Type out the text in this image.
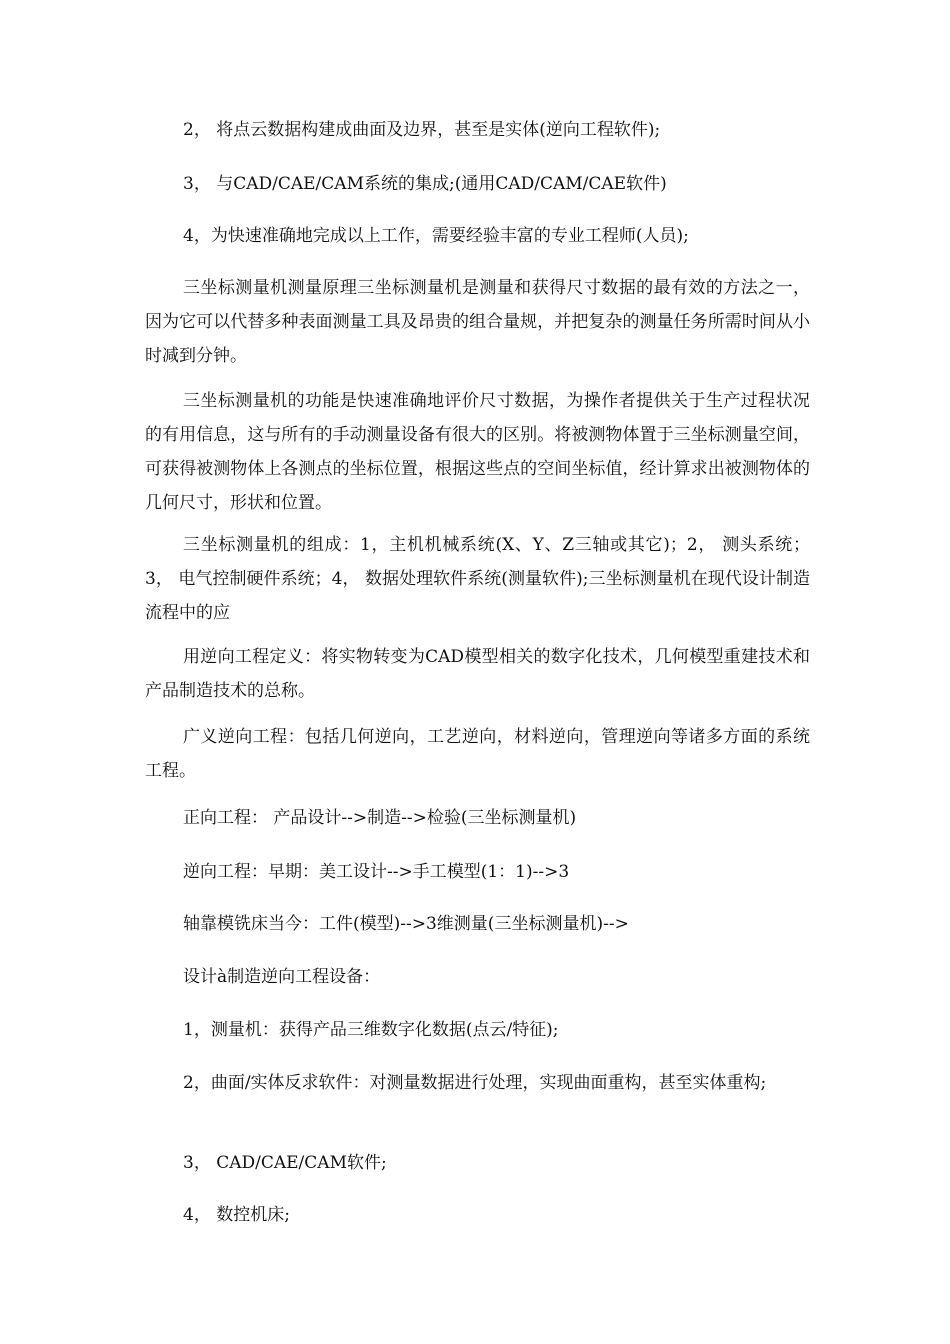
2， 将点云数据构建成曲面及边界，甚至是实体(逆向工程软件);

3， 与CAD/CAE/CAM系统的集成;(通用CAD/CAM/CAE软件)

4，为快速准确地完成以上工作，需要经验丰富的专业工程师(人员);

三坐标测量机测量原理三坐标测量机是测量和获得尺寸数据的最有效的方法之一，因为它可以代替多种表面测量工具及昂贵的组合量规，并把复杂的测量任务所需时间从小时减到分钟。

三坐标测量机的功能是快速准确地评价尺寸数据，为操作者提供关于生产过程状况的有用信息，这与所有的手动测量设备有很大的区别。将被测物体置于三坐标测量空间，可获得被测物体上各测点的坐标位置，根据这些点的空间坐标值，经计算求出被测物体的几何尺寸，形状和位置。

三坐标测量机的组成：1，主机机械系统(X、Y、Z三轴或其它)；2， 测头系统；3， 电气控制硬件系统；4， 数据处理软件系统(测量软件);三坐标测量机在现代设计制造流程中的应

用逆向工程定义：将实物转变为CAD模型相关的数字化技术，几何模型重建技术和产品制造技术的总称。

广义逆向工程：包括几何逆向，工艺逆向，材料逆向，管理逆向等诸多方面的系统工程。

正向工程： 产品设计-->制造-->检验(三坐标测量机)

逆向工程：早期：美工设计-->手工模型(1：1)-->3

轴靠模铣床当今：工件(模型)-->3维测量(三坐标测量机)-->

设计à制造逆向工程设备：

1，测量机：获得产品三维数字化数据(点云/特征);

2，曲面/实体反求软件：对测量数据进行处理，实现曲面重构，甚至实体重构;

3， CAD/CAE/CAM软件;

4， 数控机床;
